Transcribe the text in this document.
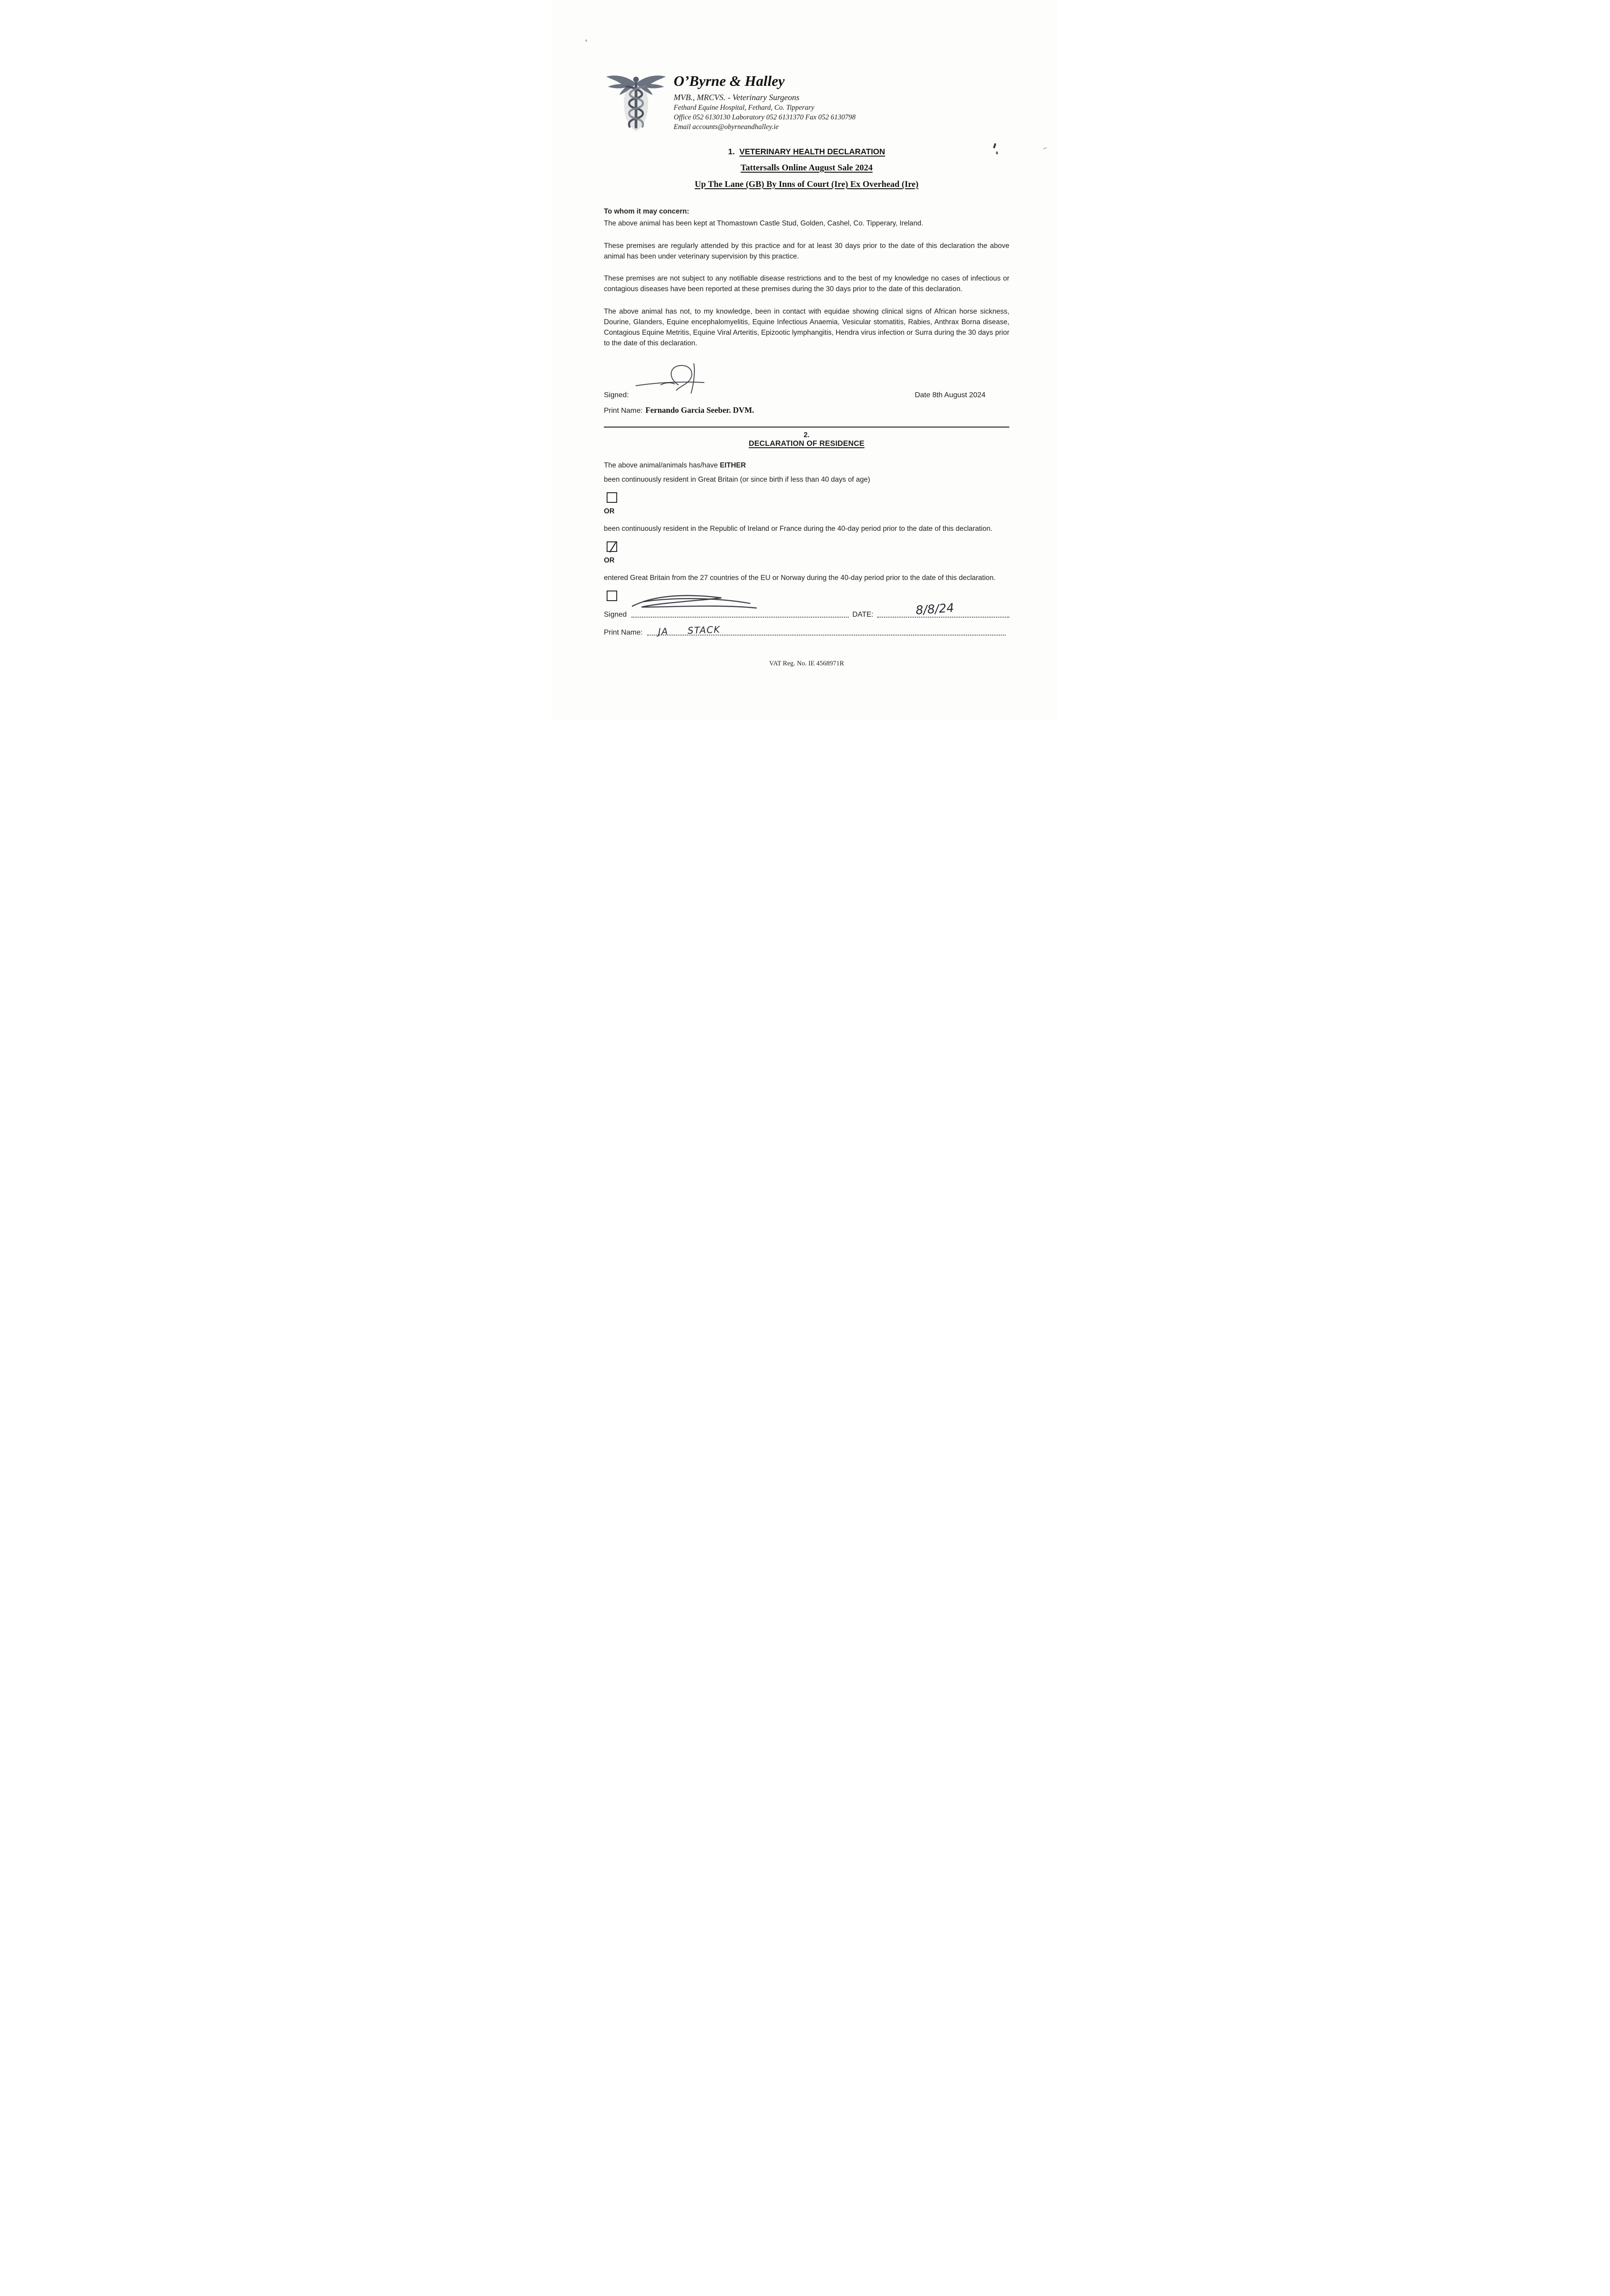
O’Byrne & Halley
MVB., MRCVS. - Veterinary Surgeons
Fethard Equine Hospital, Fethard, Co. Tipperary
Office 052 6130130 Laboratory 052 6131370 Fax 052 6130798
Email accounts@obyrneandhalley.ie
1. VETERINARY HEALTH DECLARATION
Tattersalls Online August Sale 2024
Up The Lane (GB) By Inns of Court (Ire) Ex Overhead (Ire)

To whom it may concern:

The above animal has been kept at Thomastown Castle Stud, Golden, Cashel, Co. Tipperary, Ireland.

These premises are regularly attended by this practice and for at least 30 days prior to the date of this declaration the above animal has been under veterinary supervision by this practice.

These premises are not subject to any notifiable disease restrictions and to the best of my knowledge no cases of infectious or contagious diseases have been reported at these premises during the 30 days prior to the date of this declaration.

The above animal has not, to my knowledge, been in contact with equidae showing clinical signs of African horse sickness, Dourine, Glanders, Equine encephalomyelitis, Equine Infectious Anaemia, Vesicular stomatitis, Rabies, Anthrax Borna disease, Contagious Equine Metritis, Equine Viral Arteritis, Epizootic lymphangitis, Hendra virus infection or Surra during the 30 days prior to the date of this declaration.

Signed:	Date 8th August 2024
Print Name: Fernando Garcia Seeber. DVM.
2.
DECLARATION OF RESIDENCE

The above animal/animals has/have EITHER

been continuously resident in Great Britain (or since birth if less than 40 days of age)

OR

been continuously resident in the Republic of Ireland or France during the 40-day period prior to the date of this declaration.

OR

entered Great Britain from the 27 countries of the EU or Norway during the 40-day period prior to the date of this declaration.

Signed	DATE:	8/8/24
Print Name: JA STACK
VAT Reg. No. IE 4568971R
